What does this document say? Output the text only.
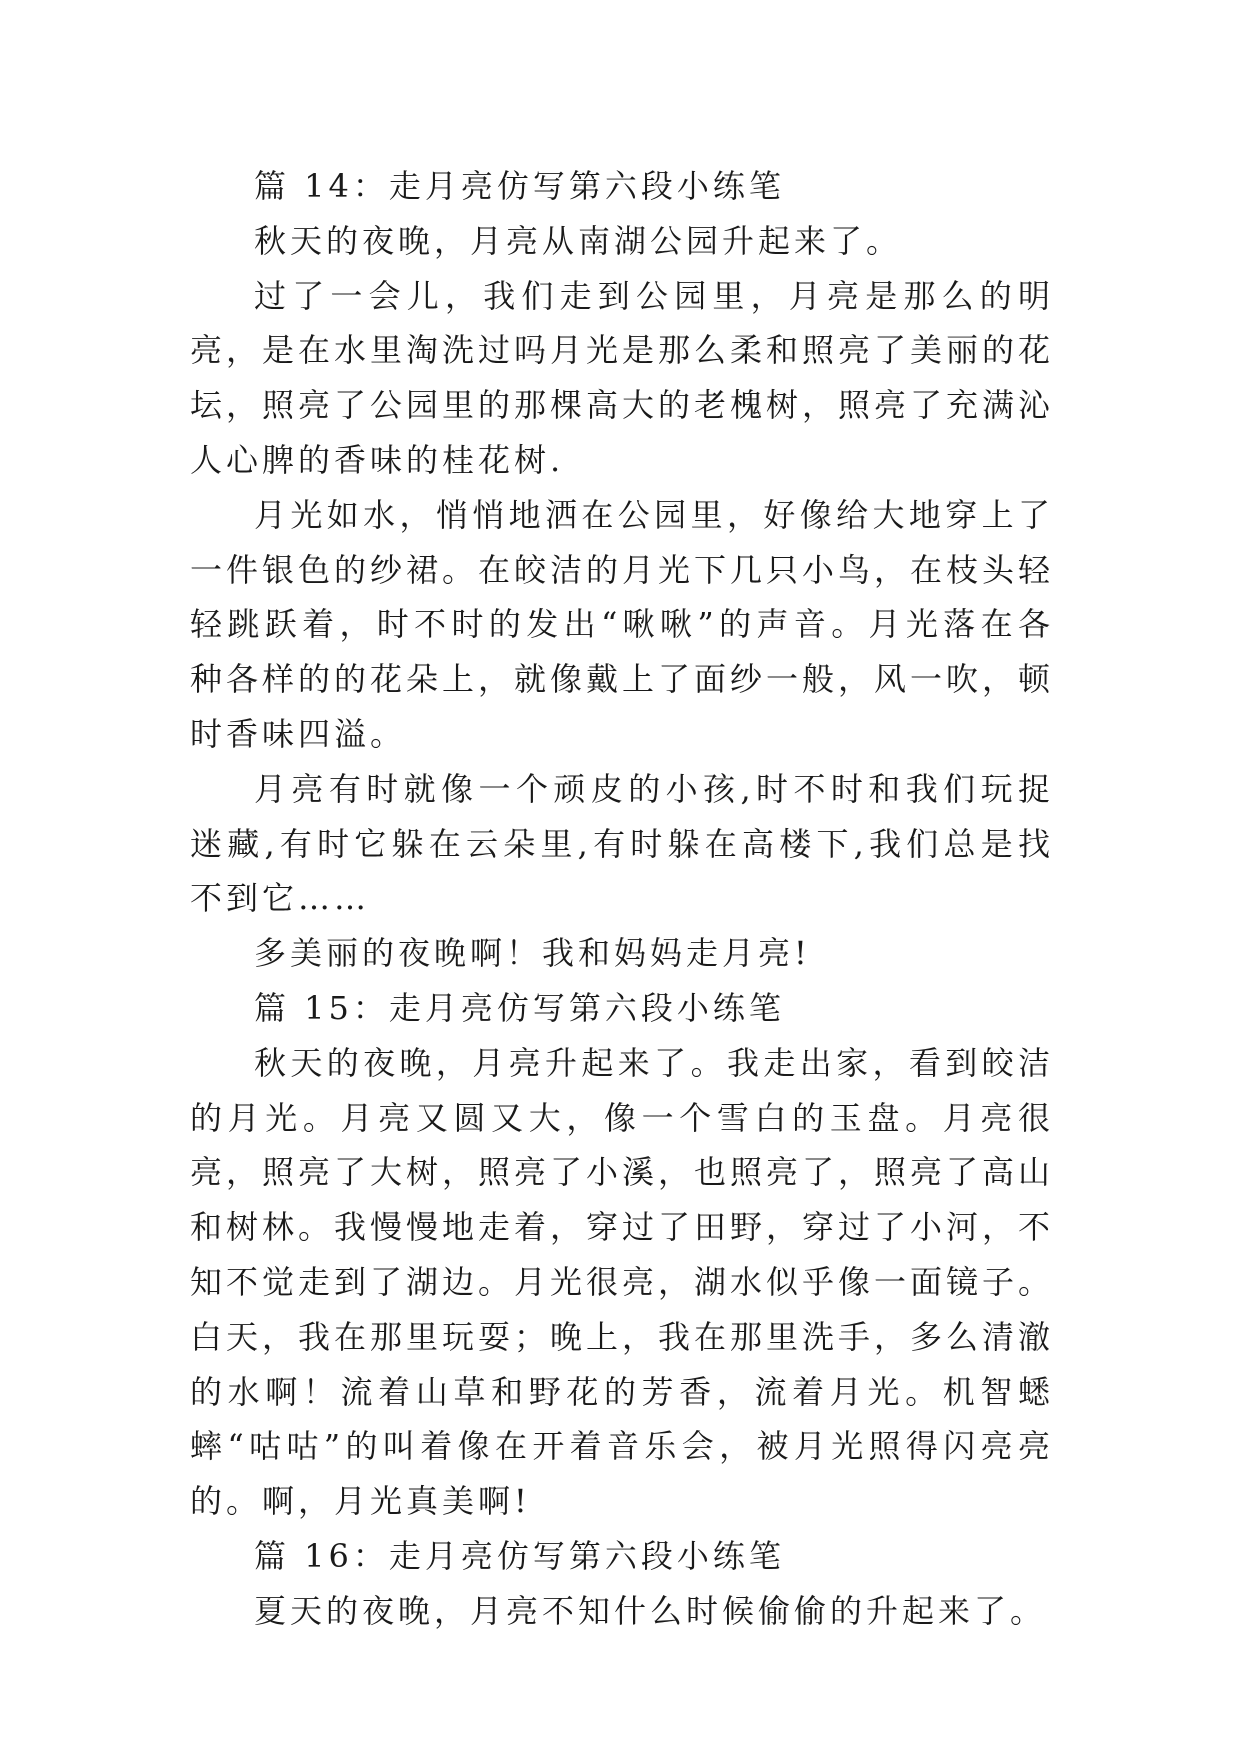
篇 14：走月亮仿写第六段小练笔

秋天的夜晚，月亮从南湖公园升起来了。

过了一会儿，我们走到公园里，月亮是那么的明亮，是在水里淘洗过吗月光是那么柔和照亮了美丽的花坛，照亮了公园里的那棵高大的老槐树，照亮了充满沁人心脾的香味的桂花树.

月光如水，悄悄地洒在公园里，好像给大地穿上了一件银色的纱裙。在皎洁的月光下几只小鸟，在枝头轻轻跳跃着，时不时的发出“啾啾”的声音。月光落在各种各样的的花朵上，就像戴上了面纱一般，风一吹，顿时香味四溢。

月亮有时就像一个顽皮的小孩,时不时和我们玩捉迷藏,有时它躲在云朵里,有时躲在高楼下,我们总是找不到它……

多美丽的夜晚啊！我和妈妈走月亮!

篇 15：走月亮仿写第六段小练笔

秋天的夜晚，月亮升起来了。我走出家，看到皎洁的月光。月亮又圆又大，像一个雪白的玉盘。月亮很亮，照亮了大树，照亮了小溪，也照亮了，照亮了高山和树林。我慢慢地走着，穿过了田野，穿过了小河，不知不觉走到了湖边。月光很亮，湖水似乎像一面镜子。白天，我在那里玩耍；晚上，我在那里洗手，多么清澈的水啊！流着山草和野花的芳香，流着月光。机智蟋蟀“咕咕”的叫着像在开着音乐会，被月光照得闪亮亮的。啊，月光真美啊!

篇 16：走月亮仿写第六段小练笔

夏天的夜晚，月亮不知什么时候偷偷的升起来了。
